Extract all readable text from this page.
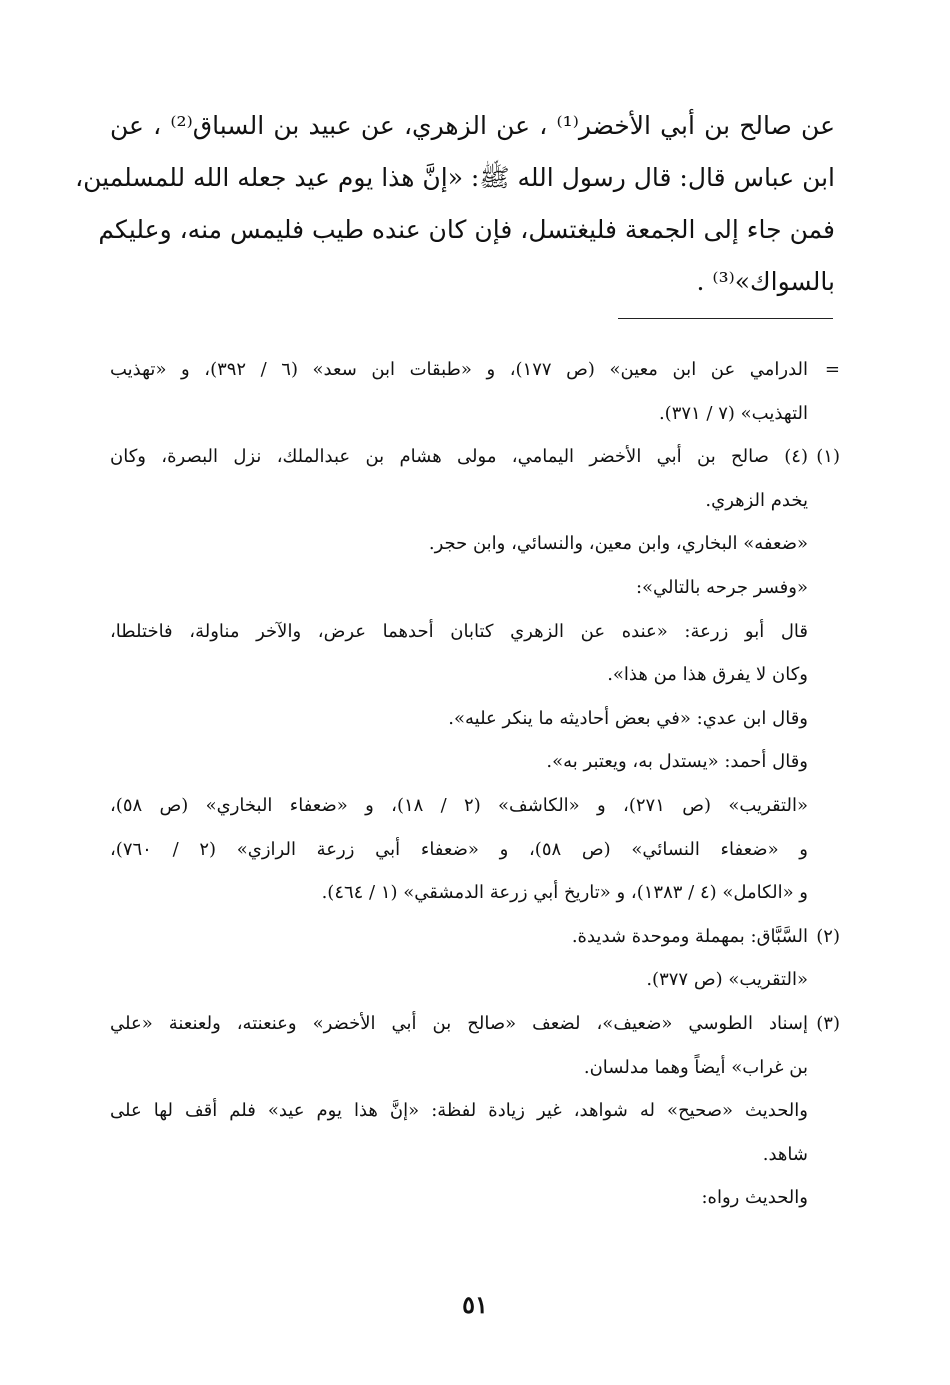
عن صالح بن أبي الأخضر⁽¹⁾ ، عن الزهري، عن عبيد بن السباق⁽²⁾ ، عن
ابن عباس قال: قال رسول الله ﷺ: «إنَّ هذا يوم عيد جعله الله للمسلمين،
فمن جاء إلى الجمعة فليغتسل، فإن كان عنده طيب فليمس منه، وعليكم
بالسواك»⁽³⁾ .
=
الدرامي عن ابن معين» (ص ١٧٧)، و «طبقات ابن سعد» (٦ / ٣٩٢)، و «تهذيب
التهذيب» (٧ / ٣٧١).
(١)
(٤) صالح بن أبي الأخضر اليمامي، مولى هشام بن عبدالملك، نزل البصرة، وكان
يخدم الزهري.
«ضعفه» البخاري، وابن معين، والنسائي، وابن حجر.
«وفسر جرحه بالتالي»:
قال أبو زرعة: «عنده عن الزهري كتابان أحدهما عرض، والآخر مناولة، فاختلطا،
وكان لا يفرق هذا من هذا».
وقال ابن عدي: «في بعض أحاديثه ما ينكر عليه».
وقال أحمد: «يستدل به، ويعتبر به».
«التقريب» (ص ٢٧١)، و «الكاشف» (٢ / ١٨)، و «ضعفاء البخاري» (ص ٥٨)،
و «ضعفاء النسائي» (ص ٥٨)، و «ضعفاء أبي زرعة الرازي» (٢ / ٧٦٠)،
و «الكامل» (٤ / ١٣٨٣)، و «تاريخ أبي زرعة الدمشقي» (١ / ٤٦٤).
(٢)
السَّبَّاق: بمهملة وموحدة شديدة.
«التقريب» (ص ٣٧٧).
(٣)
إسناد الطوسي «ضعيف»، لضعف «صالح بن أبي الأخضر» وعنعنته، ولعنعنة «علي
بن غراب» أيضاً وهما مدلسان.
والحديث «صحيح» له شواهد، غير زيادة لفظة: «إنَّ هذا يوم عيد» فلم أقف لها على
شاهد.
والحديث رواه:
٥١
